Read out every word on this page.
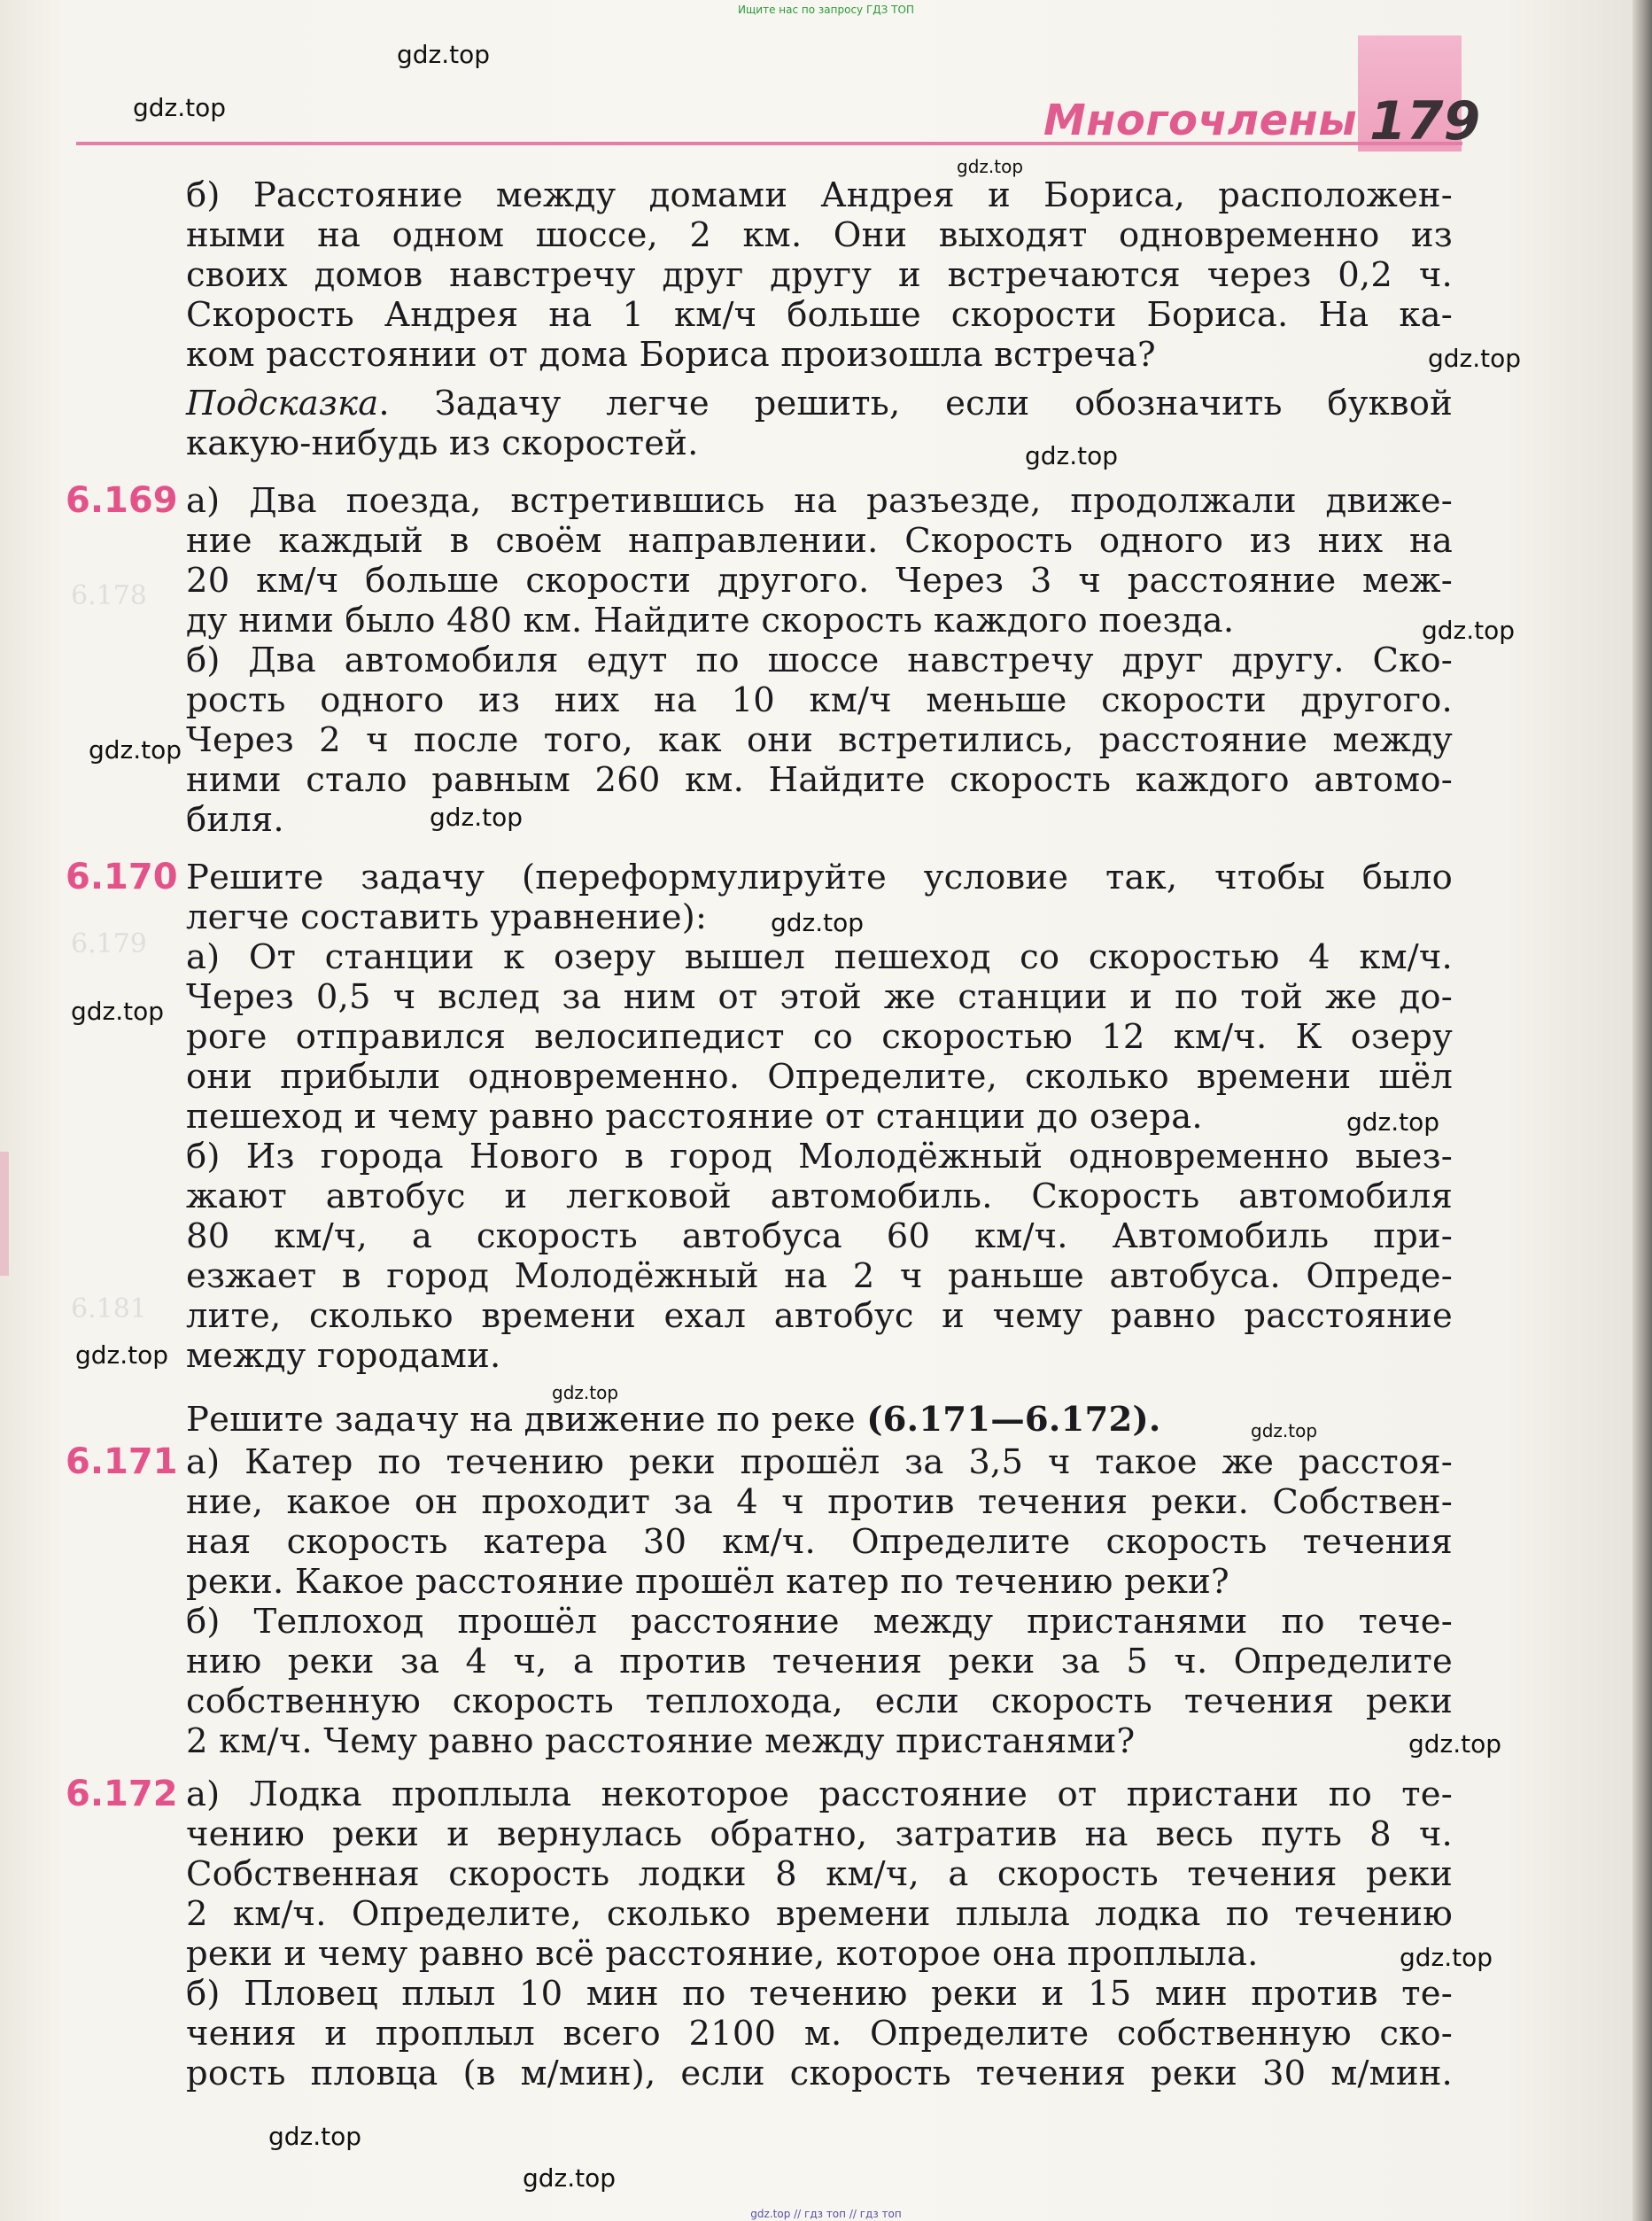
Ищите нас по запросу ГДЗ ТОП
6.178
6.179
6.181
Многочлены 179
б) Расстояние между домами Андрея и Бориса, расположен-
ными на одном шоссе, 2 км. Они выходят одновременно из
своих домов навстречу друг другу и встречаются через 0,2 ч.
Скорость Андрея на 1 км/ч больше скорости Бориса. На ка-
ком расстоянии от дома Бориса произошла встреча?
Подсказка. Задачу легче решить, если обозначить буквой
какую-нибудь из скоростей.
6.169 а) Два поезда, встретившись на разъезде, продолжали движе-
ние каждый в своём направлении. Скорость одного из них на
20 км/ч больше скорости другого. Через 3 ч расстояние меж-
ду ними было 480 км. Найдите скорость каждого поезда.
б) Два автомобиля едут по шоссе навстречу друг другу. Ско-
рость одного из них на 10 км/ч меньше скорости другого.
Через 2 ч после того, как они встретились, расстояние между
ними стало равным 260 км. Найдите скорость каждого автомо-
биля.
6.170 Решите задачу (переформулируйте условие так, чтобы было
легче составить уравнение):
а) От станции к озеру вышел пешеход со скоростью 4 км/ч.
Через 0,5 ч вслед за ним от этой же станции и по той же до-
роге отправился велосипедист со скоростью 12 км/ч. К озеру
они прибыли одновременно. Определите, сколько времени шёл
пешеход и чему равно расстояние от станции до озера.
б) Из города Нового в город Молодёжный одновременно выез-
жают автобус и легковой автомобиль. Скорость автомобиля
80 км/ч, а скорость автобуса 60 км/ч. Автомобиль при-
езжает в город Молодёжный на 2 ч раньше автобуса. Опреде-
лите, сколько времени ехал автобус и чему равно расстояние
между городами.
Решите задачу на движение по реке (6.171—6.172).
6.171 а) Катер по течению реки прошёл за 3,5 ч такое же расстоя-
ние, какое он проходит за 4 ч против течения реки. Собствен-
ная скорость катера 30 км/ч. Определите скорость течения
реки. Какое расстояние прошёл катер по течению реки?
б) Теплоход прошёл расстояние между пристанями по тече-
нию реки за 4 ч, а против течения реки за 5 ч. Определите
собственную скорость теплохода, если скорость течения реки
2 км/ч. Чему равно расстояние между пристанями?
6.172 а) Лодка проплыла некоторое расстояние от пристани по те-
чению реки и вернулась обратно, затратив на весь путь 8 ч.
Собственная скорость лодки 8 км/ч, а скорость течения реки
2 км/ч. Определите, сколько времени плыла лодка по течению
реки и чему равно всё расстояние, которое она проплыла.
б) Пловец плыл 10 мин по течению реки и 15 мин против те-
чения и проплыл всего 2100 м. Определите собственную ско-
рость пловца (в м/мин), если скорость течения реки 30 м/мин.
gdz.top
gdz.top
gdz.top
gdz.top
gdz.top
gdz.top
gdz.top
gdz.top
gdz.top
gdz.top
gdz.top
gdz.top
gdz.top
gdz.top
gdz.top
gdz.top
gdz.top
gdz.top
gdz.top // гдз топ // гдз топ
